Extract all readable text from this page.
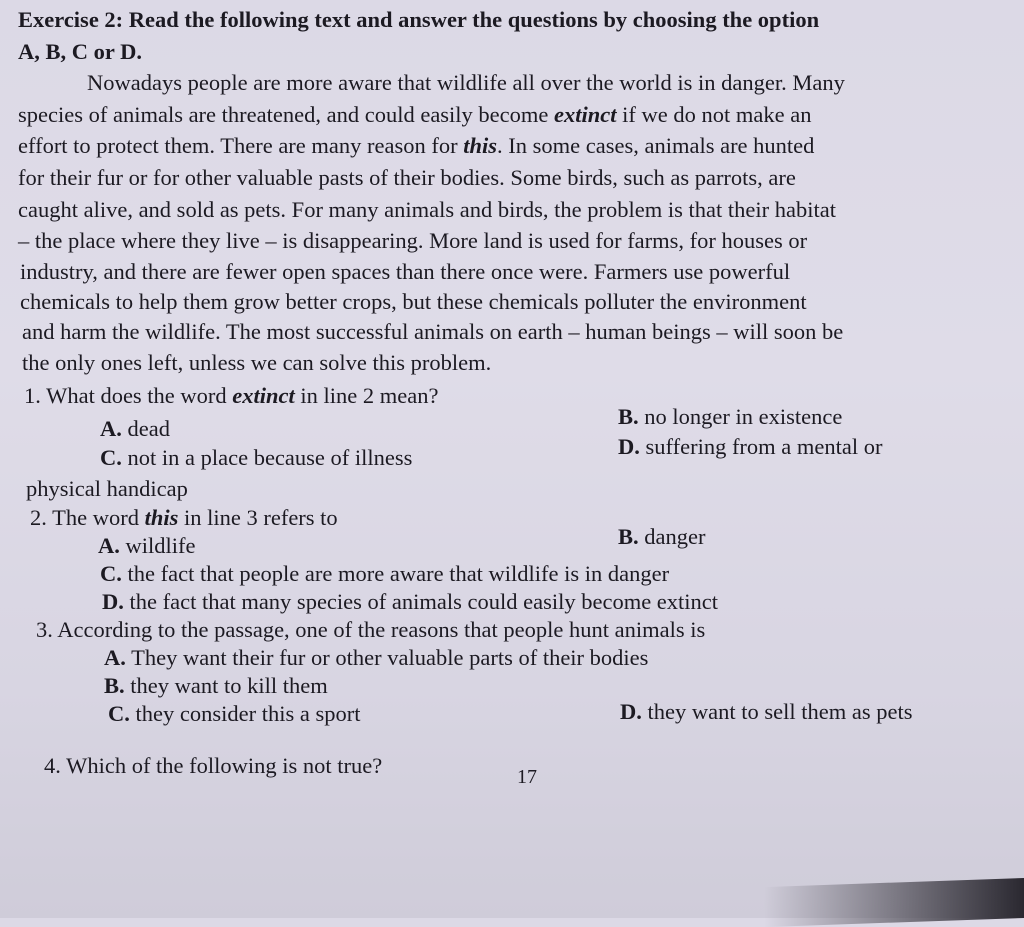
Exercise 2: Read the following text and answer the questions by choosing the option
A, B, C or D.
Nowadays people are more aware that wildlife all over the world is in danger. Many
species of animals are threatened, and could easily become extinct if we do not make an
effort to protect them. There are many reason for this. In some cases, animals are hunted
for their fur or for other valuable pasts of their bodies. Some birds, such as parrots, are
caught alive, and sold as pets. For many animals and birds, the problem is that their habitat
– the place where they live – is disappearing. More land is used for farms, for houses or
industry, and there are fewer open spaces than there once were. Farmers use powerful
chemicals to help them grow better crops, but these chemicals polluter the environment
and harm the wildlife. The most successful animals on earth – human beings – will soon be
the only ones left, unless we can solve this problem.
1. What does the word extinct in line 2 mean?
A. dead	B. no longer in existence
C. not in a place because of illness	D. suffering from a mental or
physical handicap
2. The word this in line 3 refers to
A. wildlife	B. danger
C. the fact that people are more aware that wildlife is in danger
D. the fact that many species of animals could easily become extinct
3. According to the passage, one of the reasons that people hunt animals is
A. They want their fur or other valuable parts of their bodies
B. they want to kill them
C. they consider this a sport	D. they want to sell them as pets
4. Which of the following is not true?	17
